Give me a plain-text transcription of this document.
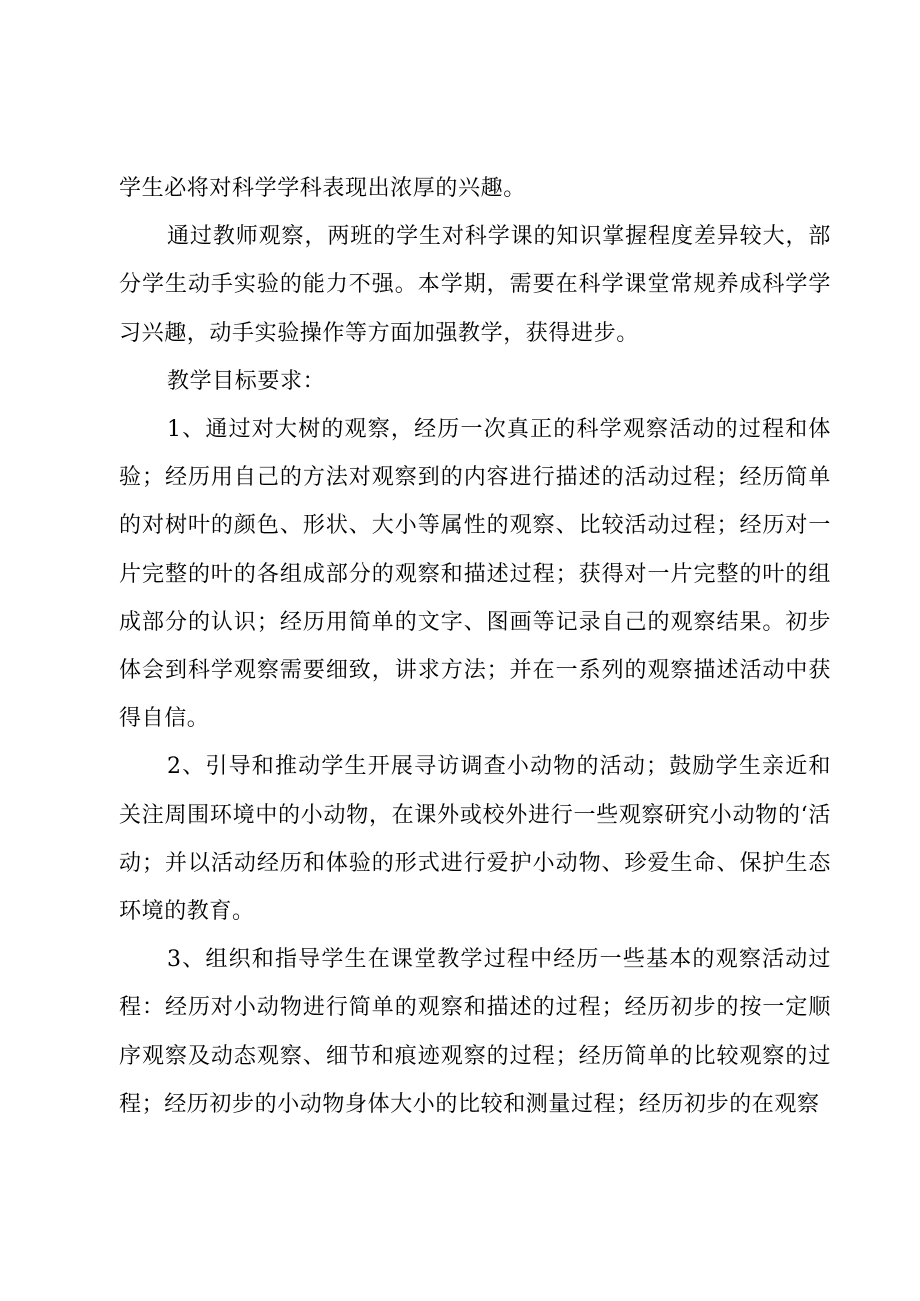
学生必将对科学学科表现出浓厚的兴趣。

通过教师观察，两班的学生对科学课的知识掌握程度差异较大，部分学生动手实验的能力不强。本学期，需要在科学课堂常规养成科学学习兴趣，动手实验操作等方面加强教学，获得进步。

教学目标要求：

1、通过对大树的观察，经历一次真正的科学观察活动的过程和体验；经历用自己的方法对观察到的内容进行描述的活动过程；经历简单的对树叶的颜色、形状、大小等属性的观察、比较活动过程；经历对一片完整的叶的各组成部分的观察和描述过程；获得对一片完整的叶的组成部分的认识；经历用简单的文字、图画等记录自己的观察结果。初步体会到科学观察需要细致，讲求方法；并在一系列的观察描述活动中获得自信。

2、引导和推动学生开展寻访调查小动物的活动；鼓励学生亲近和关注周围环境中的小动物，在课外或校外进行一些观察研究小动物的‘活动；并以活动经历和体验的形式进行爱护小动物、珍爱生命、保护生态环境的教育。

3、组织和指导学生在课堂教学过程中经历一些基本的观察活动过程：经历对小动物进行简单的观察和描述的过程；经历初步的按一定顺序观察及动态观察、细节和痕迹观察的过程；经历简单的比较观察的过程；经历初步的小动物身体大小的比较和测量过程；经历初步的在观察
